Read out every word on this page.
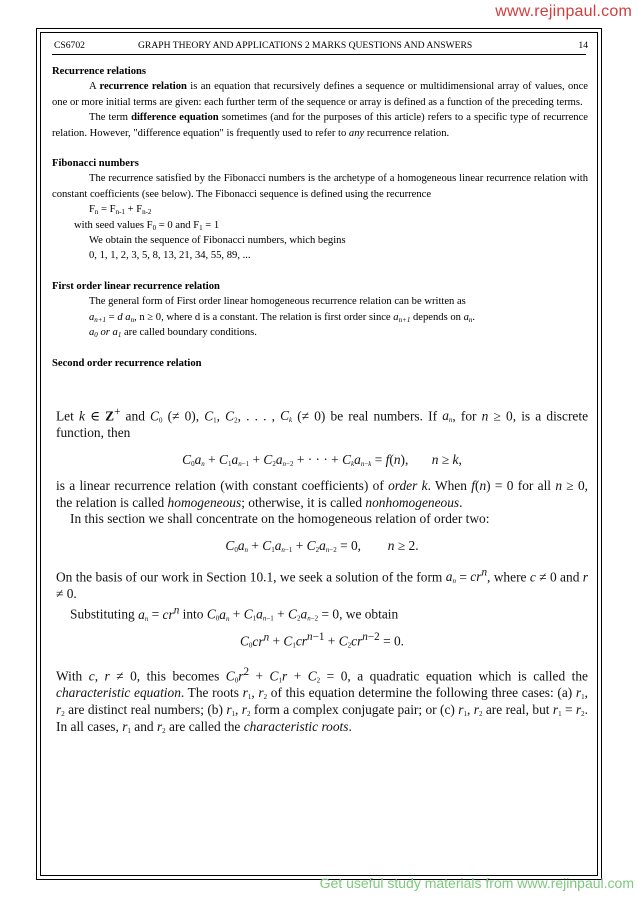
www.rejinpaul.com
CS6702	GRAPH THEORY AND APPLICATIONS 2 MARKS QUESTIONS AND ANSWERS	14

Recurrence relations

A recurrence relation is an equation that recursively defines a sequence or multidimensional array of values, once one or more initial terms are given: each further term of the sequence or array is defined as a function of the preceding terms.

The term difference equation sometimes (and for the purposes of this article) refers to a specific type of recurrence relation. However, "difference equation" is frequently used to refer to any recurrence relation.

Fibonacci numbers

The recurrence satisfied by the Fibonacci numbers is the archetype of a homogeneous linear recurrence relation with constant coefficients (see below). The Fibonacci sequence is defined using the recurrence

$F_n = F_{n-1} + F_{n-2}$

with seed values $F_0 = 0$ and $F_1 = 1$

We obtain the sequence of Fibonacci numbers, which begins

0, 1, 1, 2, 3, 5, 8, 13, 21, 34, 55, 89, ...

First order linear recurrence relation

The general form of First order linear homogeneous recurrence relation can be written as

$a_{n+1} = d$ $a_n$, n ≥ 0, where d is a constant. The relation is first order since $a_{n+1}$ depends on $a_n$.

$a_0$ or $a_1$ are called boundary conditions.

Second order recurrence relation

Let k ∈ Z+ and $C_0$ (≠ 0), $C_1$, $C_2$, . . . , $C_k$ (≠ 0) be real numbers. If $a_n$, for n ≥ 0, is a discrete function, then

$C_0a_n + C_1a_{n-1} + C_2a_{n-2}$ + · · · + $C_ka_{n-k} = f(n)$,       n ≥ k,

is a linear recurrence relation (with constant coefficients) of order k. When f(n) = 0 for all n ≥ 0, the relation is called homogeneous; otherwise, it is called nonhomogeneous.

In this section we shall concentrate on the homogeneous relation of order two:

$C_0a_n + C_1a_{n-1} + C_2a_{n-2} = 0$,        n ≥ 2.

On the basis of our work in Section 10.1, we seek a solution of the form $a_n = cr^n$, where c ≠ 0 and r ≠ 0.

Substituting $a_n = cr^n$ into $C_0a_n + C_1a_{n-1} + C_2a_{n-2} = 0$, we obtain

$C_0cr^n + C_1cr^{n-1} + C_2cr^{n-2} = 0$.

With c, r ≠ 0, this becomes $C_0r^2 + C_1r + C_2 = 0$, a quadratic equation which is called the characteristic equation. The roots $r_1$, $r_2$ of this equation determine the following three cases: (a) $r_1$, $r_2$ are distinct real numbers; (b) $r_1$, $r_2$ form a complex conjugate pair; or (c) $r_1$, $r_2$ are real, but $r_1 = r_2$. In all cases, $r_1$ and $r_2$ are called the characteristic roots.

Get useful study materials from www.rejinpaul.com
